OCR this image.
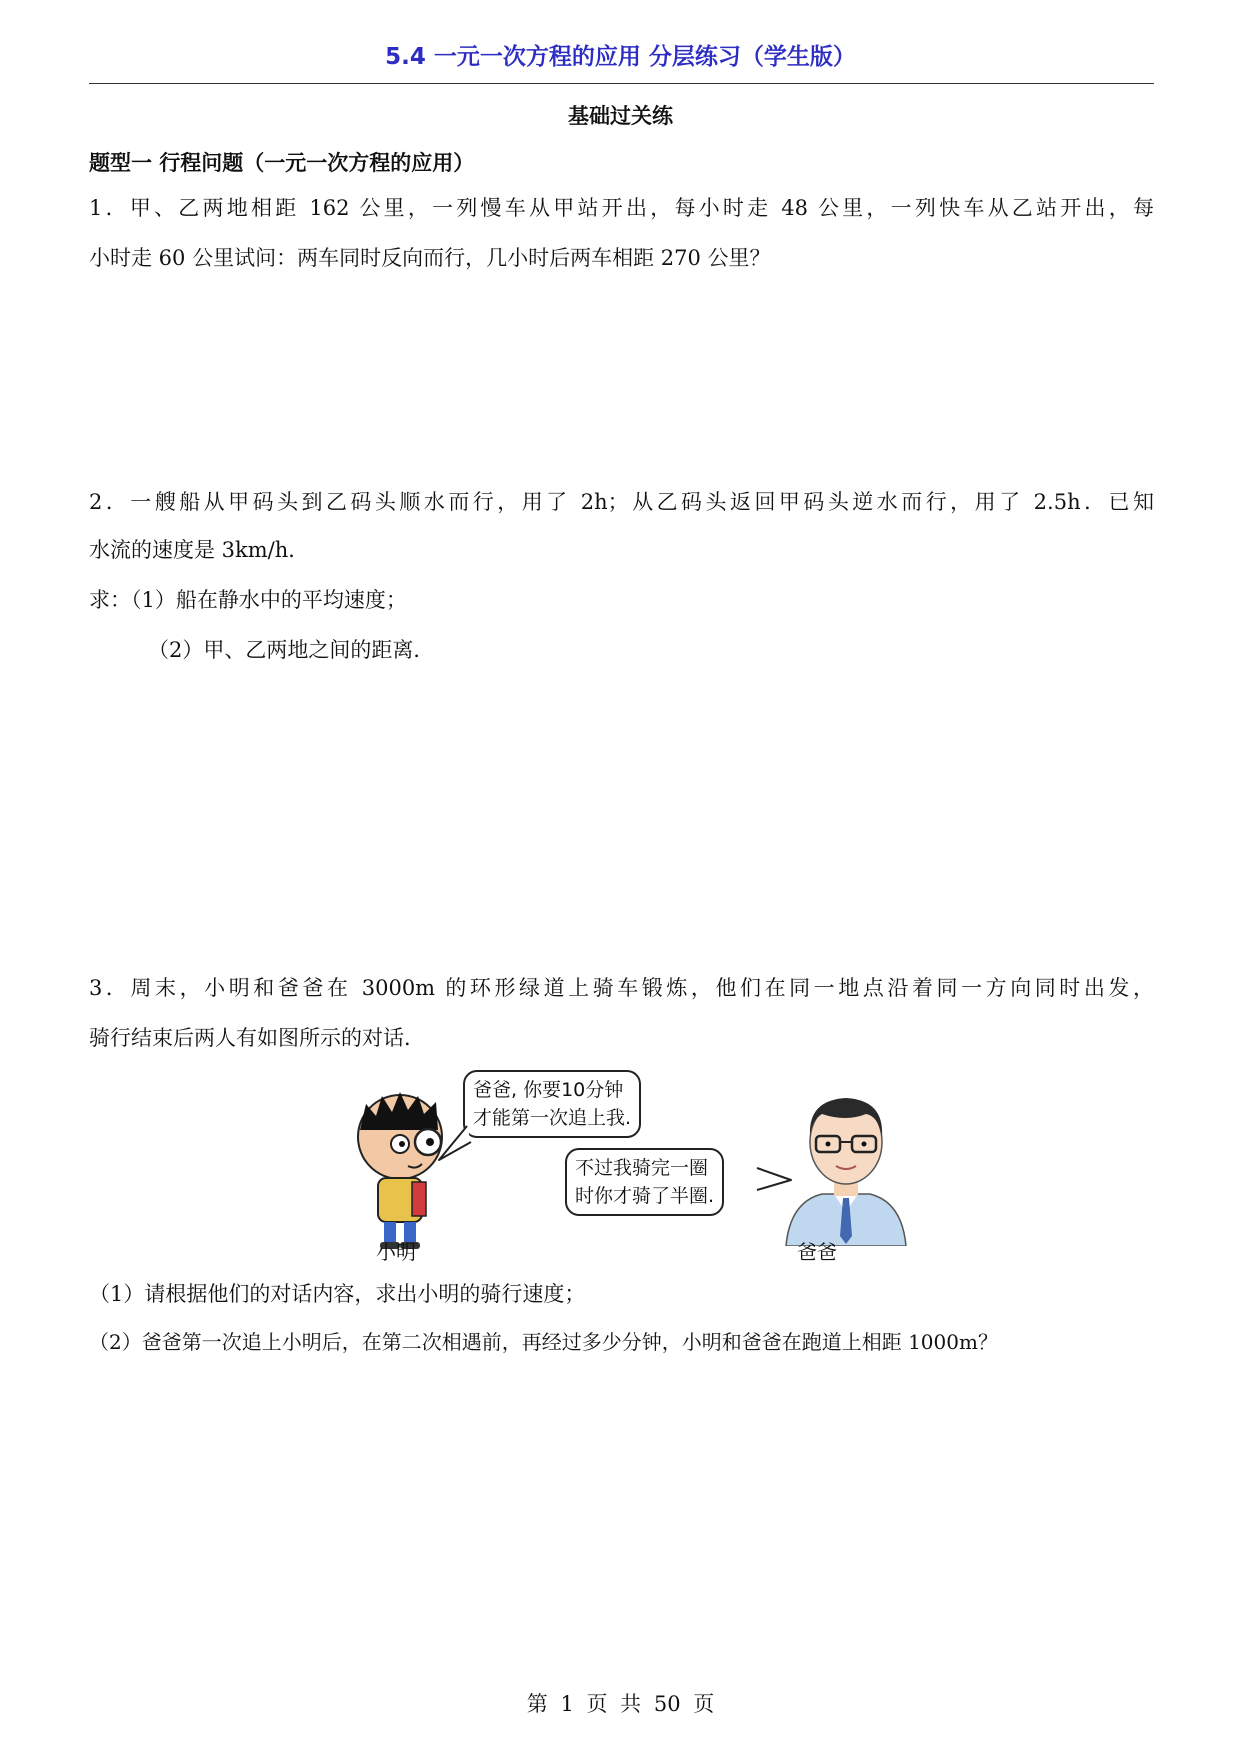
5.4 一元一次方程的应用 分层练习（学生版）
基础过关练
题型一 行程问题（一元一次方程的应用）
1．甲、乙两地相距 162 公里，一列慢车从甲站开出，每小时走 48 公里，一列快车从乙站开出，每
小时走 60 公里试问：两车同时反向而行，几小时后两车相距 270 公里？
2．一艘船从甲码头到乙码头顺水而行，用了 2h；从乙码头返回甲码头逆水而行，用了 2.5h．已知
水流的速度是 3km/h．
求：（1）船在静水中的平均速度；
（2）甲、乙两地之间的距离．
3．周末，小明和爸爸在 3000m 的环形绿道上骑车锻炼，他们在同一地点沿着同一方向同时出发，
骑行结束后两人有如图所示的对话．
爸爸, 你要10分钟
才能第一次追上我.
不过我骑完一圈
时你才骑了半圈.
小明	爸爸
（1）请根据他们的对话内容，求出小明的骑行速度；
（2）爸爸第一次追上小明后，在第二次相遇前，再经过多少分钟，小明和爸爸在跑道上相距 1000m？
第 1 页 共 50 页
